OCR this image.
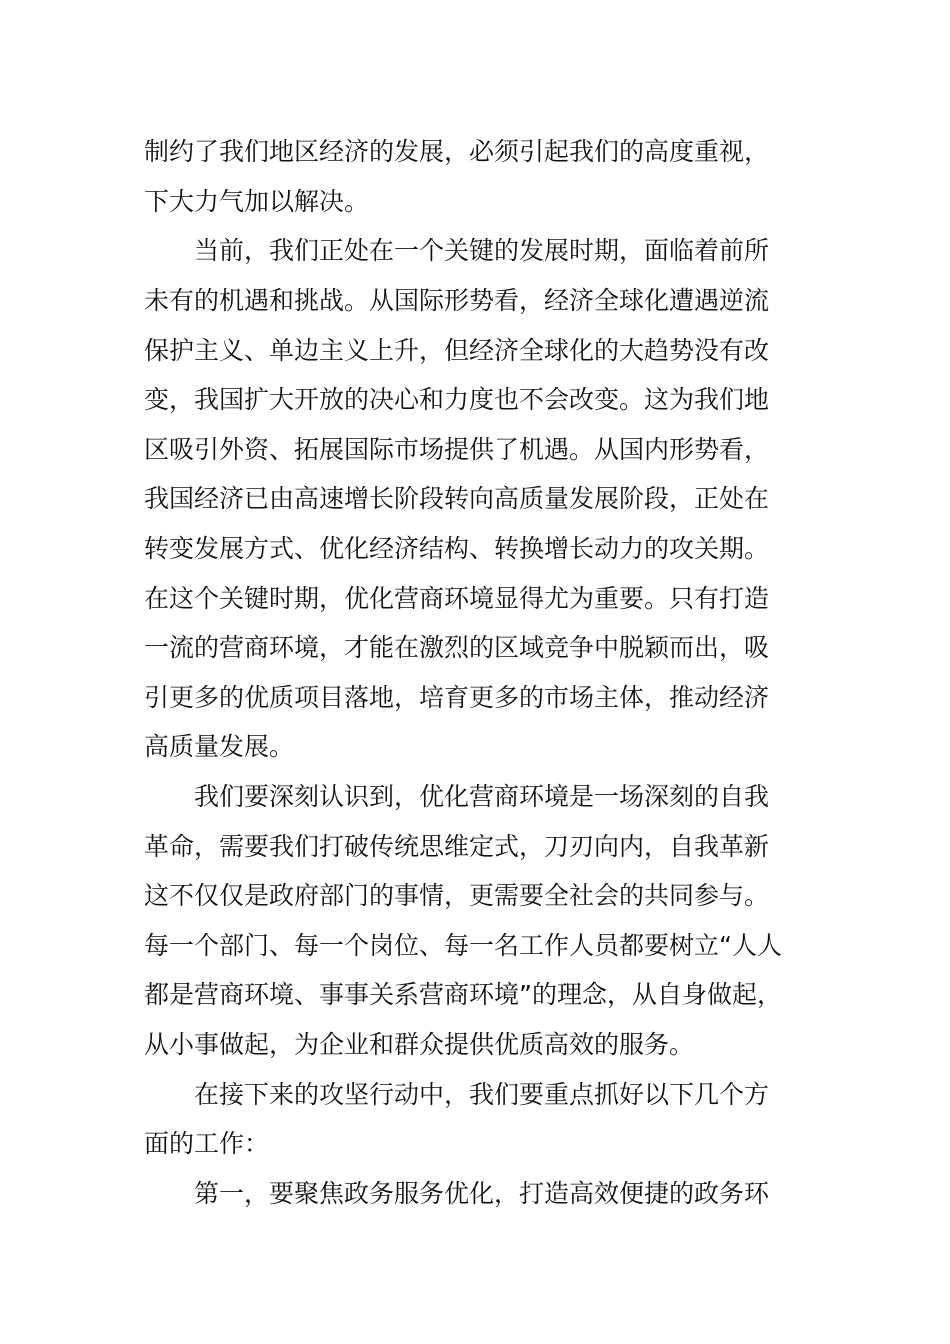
制约了我们地区经济的发展，必须引起我们的高度重视，
下大力气加以解决。
当前，我们正处在一个关键的发展时期，面临着前所
未有的机遇和挑战。从国际形势看，经济全球化遭遇逆流
保护主义、单边主义上升，但经济全球化的大趋势没有改
变，我国扩大开放的决心和力度也不会改变。这为我们地
区吸引外资、拓展国际市场提供了机遇。从国内形势看，
我国经济已由高速增长阶段转向高质量发展阶段，正处在
转变发展方式、优化经济结构、转换增长动力的攻关期。
在这个关键时期，优化营商环境显得尤为重要。只有打造
一流的营商环境，才能在激烈的区域竞争中脱颖而出，吸
引更多的优质项目落地，培育更多的市场主体，推动经济
高质量发展。
我们要深刻认识到，优化营商环境是一场深刻的自我
革命，需要我们打破传统思维定式，刀刃向内，自我革新
这不仅仅是政府部门的事情，更需要全社会的共同参与。
每一个部门、每一个岗位、每一名工作人员都要树立“人人
都是营商环境、事事关系营商环境”的理念，从自身做起，
从小事做起，为企业和群众提供优质高效的服务。
在接下来的攻坚行动中，我们要重点抓好以下几个方
面的工作：
第一，要聚焦政务服务优化，打造高效便捷的政务环
